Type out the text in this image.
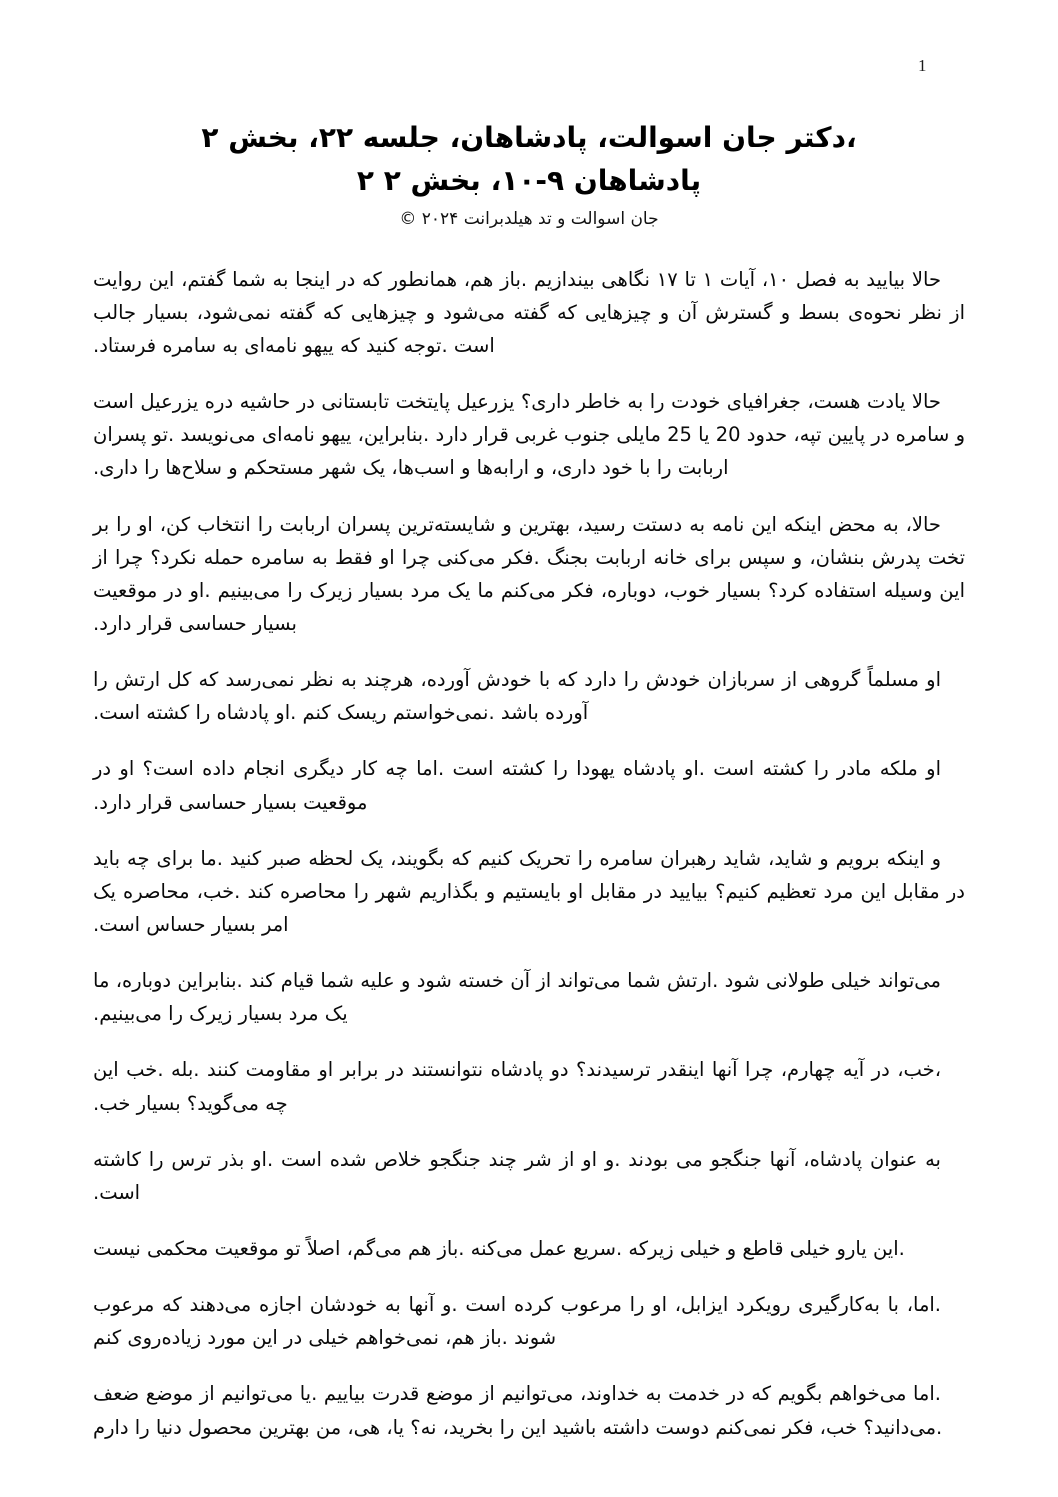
1
،دکتر جان اسوالت، پادشاهان، جلسه ۲۲، بخش ۲
پادشاهان ۹-۱۰، بخش ۲ ۲
جان اسوالت و تد هیلدبرانت ۲۰۲۴ ©

حالا بیایید به فصل ۱۰، آیات ۱ تا ۱۷ نگاهی بیندازیم .باز هم، همانطور که در اینجا به شما گفتم، این روایت از نظر نحوه‌ی بسط و گسترش آن و چیزهایی که گفته می‌شود و چیزهایی که گفته نمی‌شود، بسیار جالب است .توجه کنید که ییهو نامه‌ای به سامره فرستاد.

حالا یادت هست، جغرافیای خودت را به خاطر داری؟ یزرعیل پایتخت تابستانی در حاشیه دره یزرعیل است و سامره در پایین تپه، حدود 20 یا 25 مایلی جنوب غربی قرار دارد .بنابراین، ییهو نامه‌ای می‌نویسد .تو پسران اربابت را با خود داری، و ارابه‌ها و اسب‌ها، یک شهر مستحکم و سلاح‌ها را داری.

حالا، به محض اینکه این نامه به دستت رسید، بهترین و شایسته‌ترین پسران اربابت را انتخاب کن، او را بر تخت پدرش بنشان، و سپس برای خانه اربابت بجنگ .فکر می‌کنی چرا او فقط به سامره حمله نکرد؟ چرا از این وسیله استفاده کرد؟ بسیار خوب، دوباره، فکر می‌کنم ما یک مرد بسیار زیرک را می‌بینیم .او در موقعیت بسیار حساسی قرار دارد.

او مسلماً گروهی از سربازان خودش را دارد که با خودش آورده، هرچند به نظر نمی‌رسد که کل ارتش را آورده باشد .نمی‌خواستم ریسک کنم .او پادشاه را کشته است.

او ملکه مادر را کشته است .او پادشاه یهودا را کشته است .اما چه کار دیگری انجام داده است؟ او در موقعیت بسیار حساسی قرار دارد.

و اینکه برویم و شاید، شاید رهبران سامره را تحریک کنیم که بگویند، یک لحظه صبر کنید .ما برای چه باید در مقابل این مرد تعظیم کنیم؟ بیایید در مقابل او بایستیم و بگذاریم شهر را محاصره کند .خب، محاصره یک امر بسیار حساس است.

می‌تواند خیلی طولانی شود .ارتش شما می‌تواند از آن خسته شود و علیه شما قیام کند .بنابراین دوباره، ما یک مرد بسیار زیرک را می‌بینیم.

،خب، در آیه چهارم، چرا آنها اینقدر ترسیدند؟ دو پادشاه نتوانستند در برابر او مقاومت کنند .بله .خب این چه می‌گوید؟ بسیار خب.

به عنوان پادشاه، آنها جنگجو می بودند .و او از شر چند جنگجو خلاص شده است .او بذر ترس را کاشته است.

.این یارو خیلی قاطع و خیلی زیرکه .سریع عمل می‌کنه .باز هم می‌گم، اصلاً تو موقعیت محکمی نیست

.اما، با به‌کارگیری رویکرد ایزابل، او را مرعوب کرده است .و آنها به خودشان اجازه می‌دهند که مرعوب شوند .باز هم، نمی‌خواهم خیلی در این مورد زیاده‌روی کنم

.اما می‌خواهم بگویم که در خدمت به خداوند، می‌توانیم از موضع قدرت بیاییم .یا می‌توانیم از موضع ضعف .می‌دانید؟ خب، فکر نمی‌کنم دوست داشته باشید این را بخرید، نه؟ یا، هی، من بهترین محصول دنیا را دارم
